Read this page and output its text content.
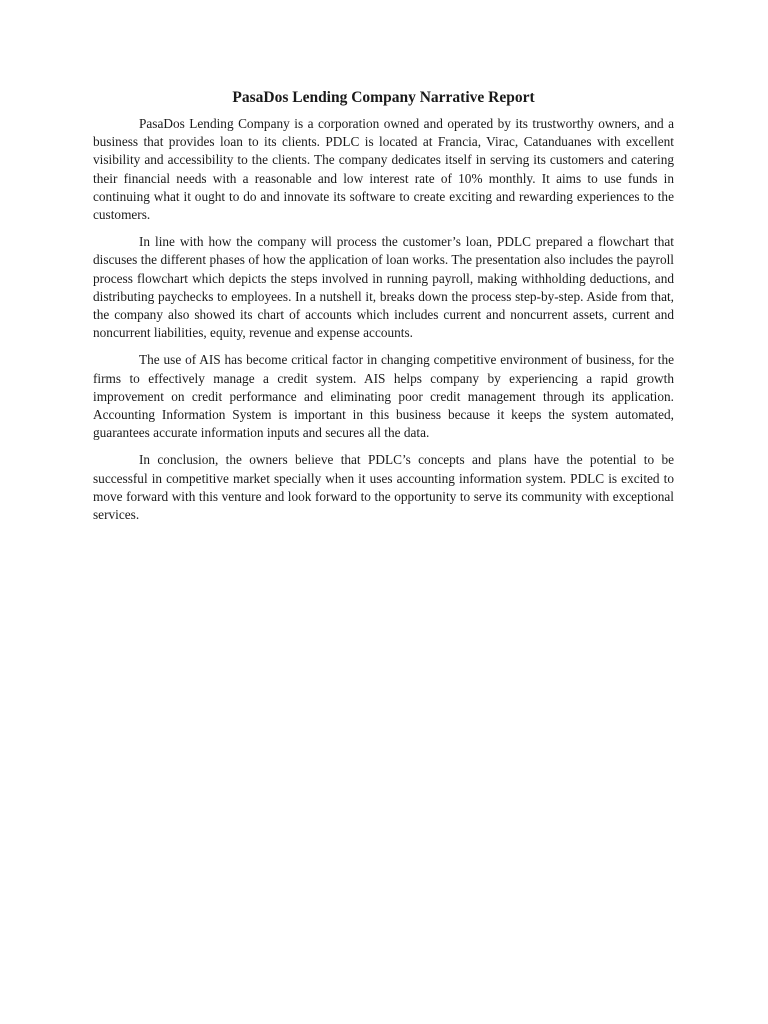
PasaDos Lending Company Narrative Report

PasaDos Lending Company is a corporation owned and operated by its trustworthy owners, and a business that provides loan to its clients. PDLC is located at Francia, Virac, Catanduanes with excellent visibility and accessibility to the clients. The company dedicates itself in serving its customers and catering their financial needs with a reasonable and low interest rate of 10% monthly. It aims to use funds in continuing what it ought to do and innovate its software to create exciting and rewarding experiences to the customers.

In line with how the company will process the customer’s loan, PDLC prepared a flowchart that discuses the different phases of how the application of loan works. The presentation also includes the payroll process flowchart which depicts the steps involved in running payroll, making withholding deductions, and distributing paychecks to employees. In a nutshell it, breaks down the process step-by-step. Aside from that, the company also showed its chart of accounts which includes current and noncurrent assets, current and noncurrent liabilities, equity, revenue and expense accounts.

The use of AIS has become critical factor in changing competitive environment of business, for the firms to effectively manage a credit system. AIS helps company by experiencing a rapid growth improvement on credit performance and eliminating poor credit management through its application. Accounting Information System is important in this business because it keeps the system automated, guarantees accurate information inputs and secures all the data.

In conclusion, the owners believe that PDLC’s concepts and plans have the potential to be successful in competitive market specially when it uses accounting information system. PDLC is excited to move forward with this venture and look forward to the opportunity to serve its community with exceptional services.
